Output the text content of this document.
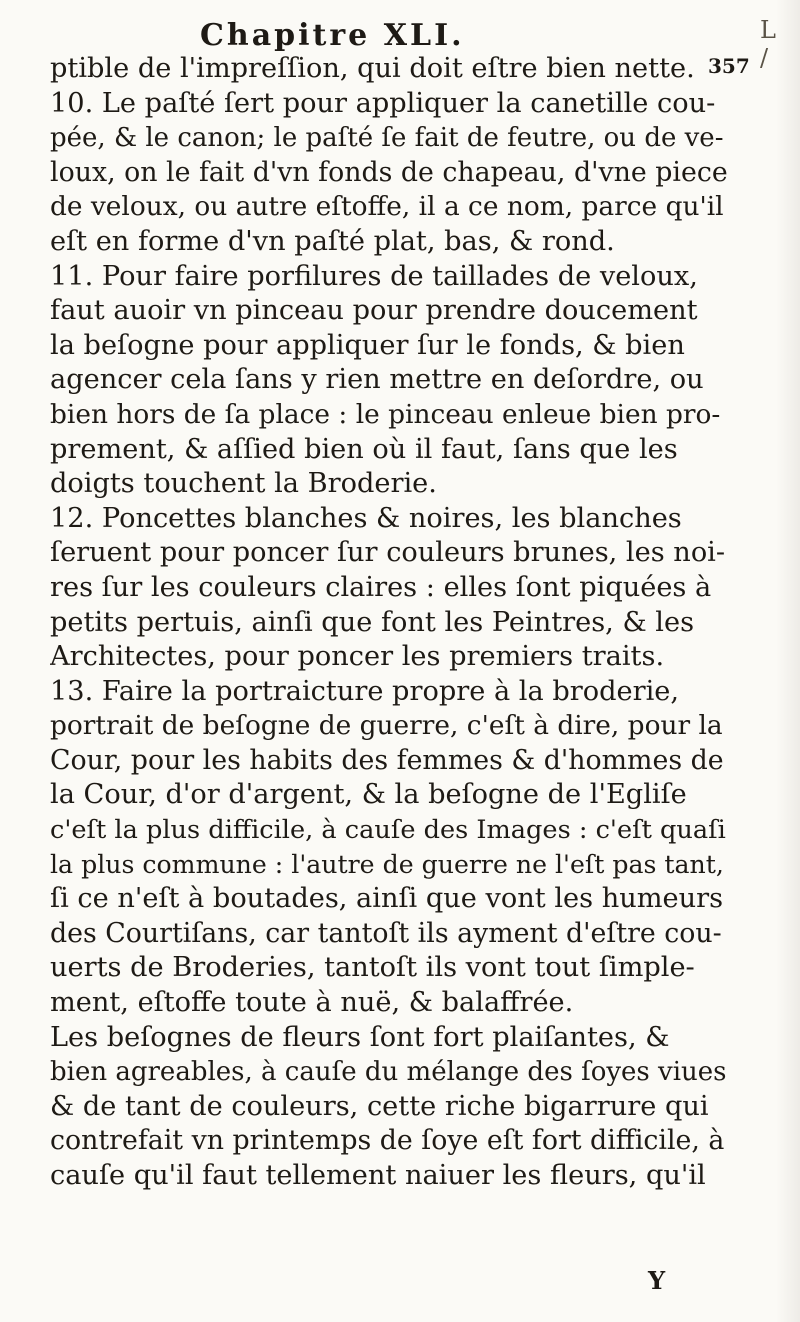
Chapitre XLI.
357
L /
ptible de l'impreſſion, qui doit eſtre bien nette.
10. Le paſté ſert pour appliquer la canetille cou-
pée, & le canon; le paſté ſe fait de feutre, ou de ve-
loux, on le fait d'vn fonds de chapeau, d'vne piece
de veloux, ou autre eſtoffe, il a ce nom, parce qu'il
eſt en forme d'vn paſté plat, bas, & rond.
11. Pour faire porfilures de taillades de veloux,
faut auoir vn pinceau pour prendre doucement
la beſogne pour appliquer ſur le fonds, & bien
agencer cela ſans y rien mettre en deſordre, ou
bien hors de ſa place : le pinceau enleue bien pro-
prement, & aſſied bien où il faut, ſans que les
doigts touchent la Broderie.
12. Poncettes blanches & noires, les blanches
ſeruent pour poncer ſur couleurs brunes, les noi-
res ſur les couleurs claires : elles ſont piquées à
petits pertuis, ainſi que font les Peintres, & les
Architectes, pour poncer les premiers traits.
13. Faire la portraicture propre à la broderie,
portrait de beſogne de guerre, c'eſt à dire, pour la
Cour, pour les habits des femmes & d'hommes de
la Cour, d'or d'argent, & la beſogne de l'Egliſe
c'eſt la plus difficile, à cauſe des Images : c'eſt quaſi
la plus commune : l'autre de guerre ne l'eſt pas tant,
ſi ce n'eſt à boutades, ainſi que vont les humeurs
des Courtiſans, car tantoſt ils ayment d'eſtre cou-
uerts de Broderies, tantoſt ils vont tout ſimple-
ment, eſtoffe toute à nuë, & balaffrée.
Les beſognes de fleurs ſont fort plaiſantes, &
bien agreables, à cauſe du mélange des ſoyes viues
& de tant de couleurs, cette riche bigarrure qui
contrefait vn printemps de ſoye eſt fort difficile, à
cauſe qu'il faut tellement naiuer les fleurs, qu'il
Y
